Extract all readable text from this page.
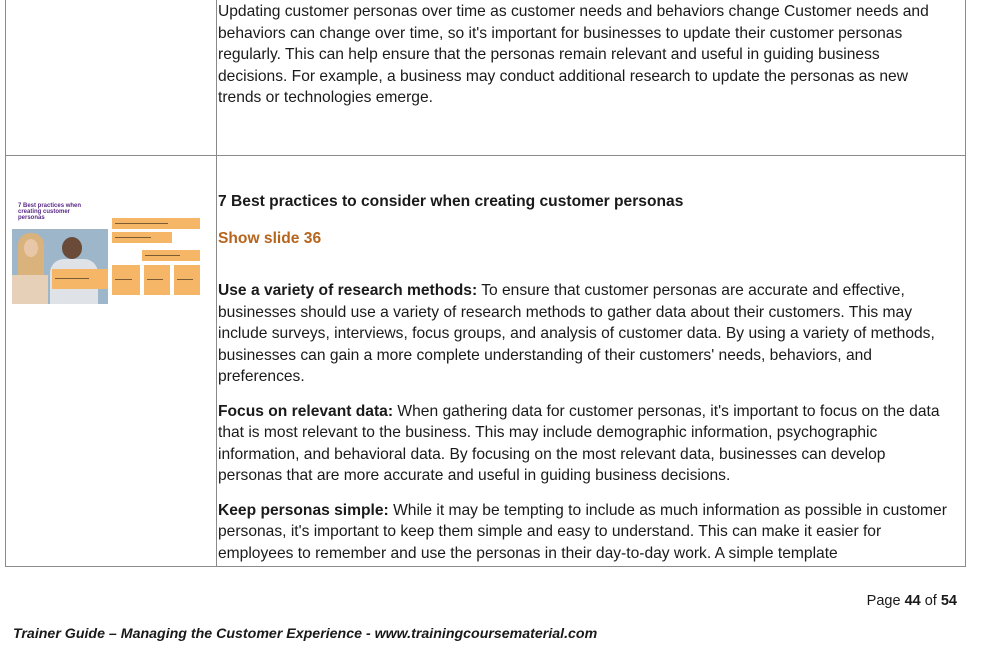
Updating customer personas over time as customer needs and behaviors change Customer needs and behaviors can change over time, so it's important for businesses to update their customer personas regularly. This can help ensure that the personas remain relevant and useful in guiding business decisions. For example, a business may conduct additional research to update the personas as new trends or technologies emerge.

7 Best practices when creating customer personas

7 Best practices to consider when creating customer personas

Show slide 36

Use a variety of research methods: To ensure that customer personas are accurate and effective, businesses should use a variety of research methods to gather data about their customers. This may include surveys, interviews, focus groups, and analysis of customer data. By using a variety of methods, businesses can gain a more complete understanding of their customers' needs, behaviors, and preferences.

Focus on relevant data: When gathering data for customer personas, it's important to focus on the data that is most relevant to the business. This may include demographic information, psychographic information, and behavioral data. By focusing on the most relevant data, businesses can develop personas that are more accurate and useful in guiding business decisions.

Keep personas simple: While it may be tempting to include as much information as possible in customer personas, it's important to keep them simple and easy to understand. This can make it easier for employees to remember and use the personas in their day-to-day work. A simple template

Page 44 of 54
Trainer Guide – Managing the Customer Experience - www.trainingcoursematerial.com
